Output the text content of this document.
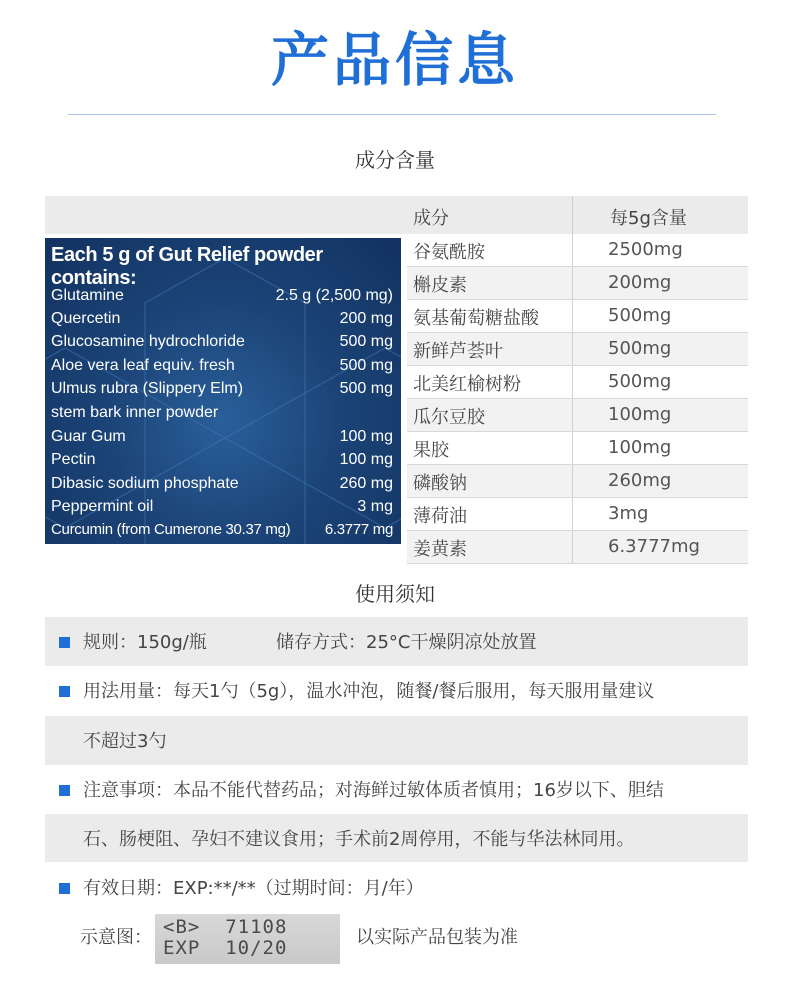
产品信息
成分含量
成分	每5g含量
谷氨酰胺	2500mg
槲皮素	200mg
氨基葡萄糖盐酸	500mg
新鲜芦荟叶	500mg
北美红榆树粉	500mg
瓜尔豆胶	100mg
果胶	100mg
磷酸钠	260mg
薄荷油	3mg
姜黄素	6.3777mg
Each 5 g of Gut Relief powder contains:
Glutamine	2.5 g (2,500 mg)
Quercetin	200 mg
Glucosamine hydrochloride	500 mg
Aloe vera leaf equiv. fresh	500 mg
Ulmus rubra (Slippery Elm)	500 mg
stem bark inner powder
Guar Gum	100 mg
Pectin	100 mg
Dibasic sodium phosphate	260 mg
Peppermint oil	3 mg
Curcumin (from Cumerone 30.37 mg) 6.3777 mg
使用须知
规则：150g/瓶	储存方式：25°C干燥阴凉处放置
用法用量：每天1勺（5g），温水冲泡，随餐/餐后服用，每天服用量建议
不超过3勺
注意事项：本品不能代替药品；对海鲜过敏体质者慎用；16岁以下、胆结
石、肠梗阻、孕妇不建议食用；手术前2周停用，不能与华法林同用。
有效日期：EXP:**/**（过期时间：月/年）
示意图： <B>  71108
EXP  10/20	以实际产品包装为准
